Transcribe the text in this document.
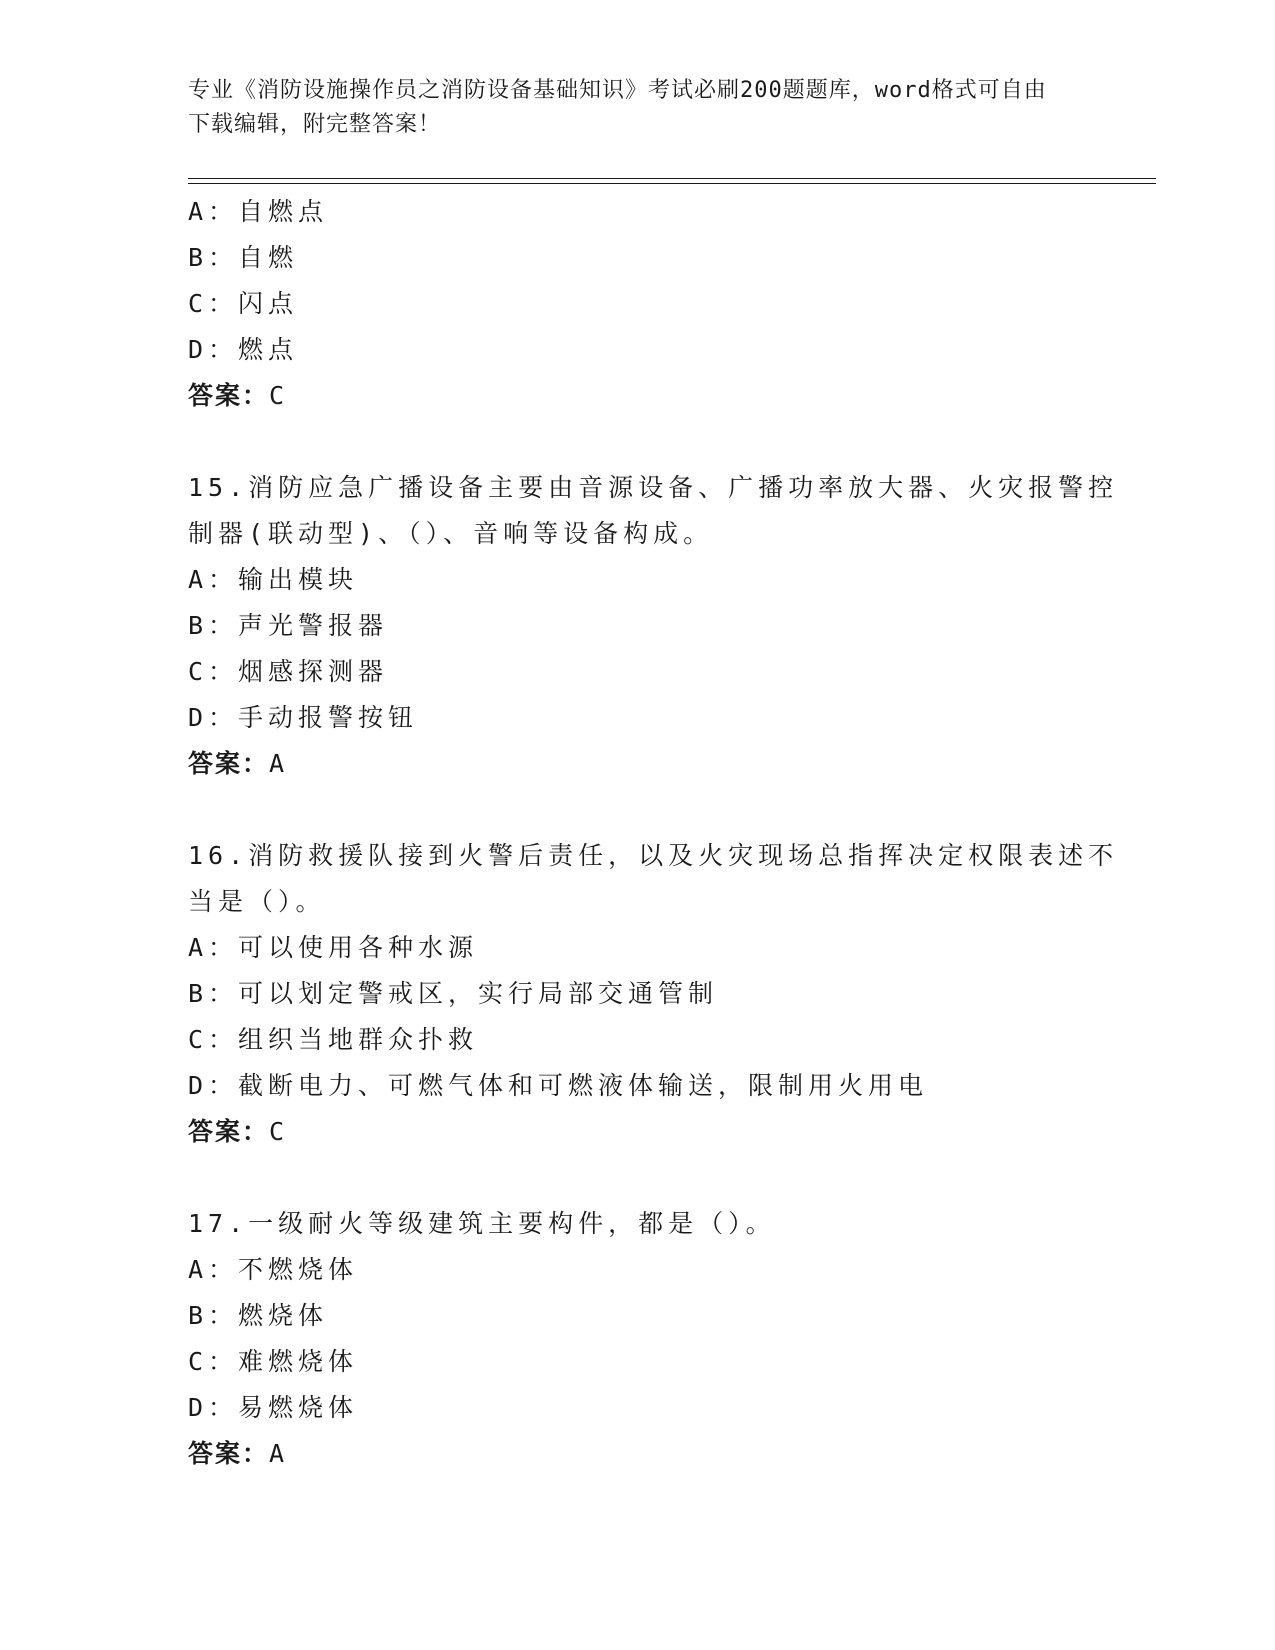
专业《消防设施操作员之消防设备基础知识》考试必刷200题题库，word格式可自由下载编辑，附完整答案！
A：自燃点
B：自燃
C：闪点
D：燃点
答案：C
15.消防应急广播设备主要由音源设备、广播功率放大器、火灾报警控
制器(联动型)、（）、音响等设备构成。
A：输出模块
B：声光警报器
C：烟感探测器
D：手动报警按钮
答案：A
16.消防救援队接到火警后责任，以及火灾现场总指挥决定权限表述不
当是（）。
A：可以使用各种水源
B：可以划定警戒区，实行局部交通管制
C：组织当地群众扑救
D：截断电力、可燃气体和可燃液体输送，限制用火用电
答案：C
17.一级耐火等级建筑主要构件，都是（）。
A：不燃烧体
B：燃烧体
C：难燃烧体
D：易燃烧体
答案：A
